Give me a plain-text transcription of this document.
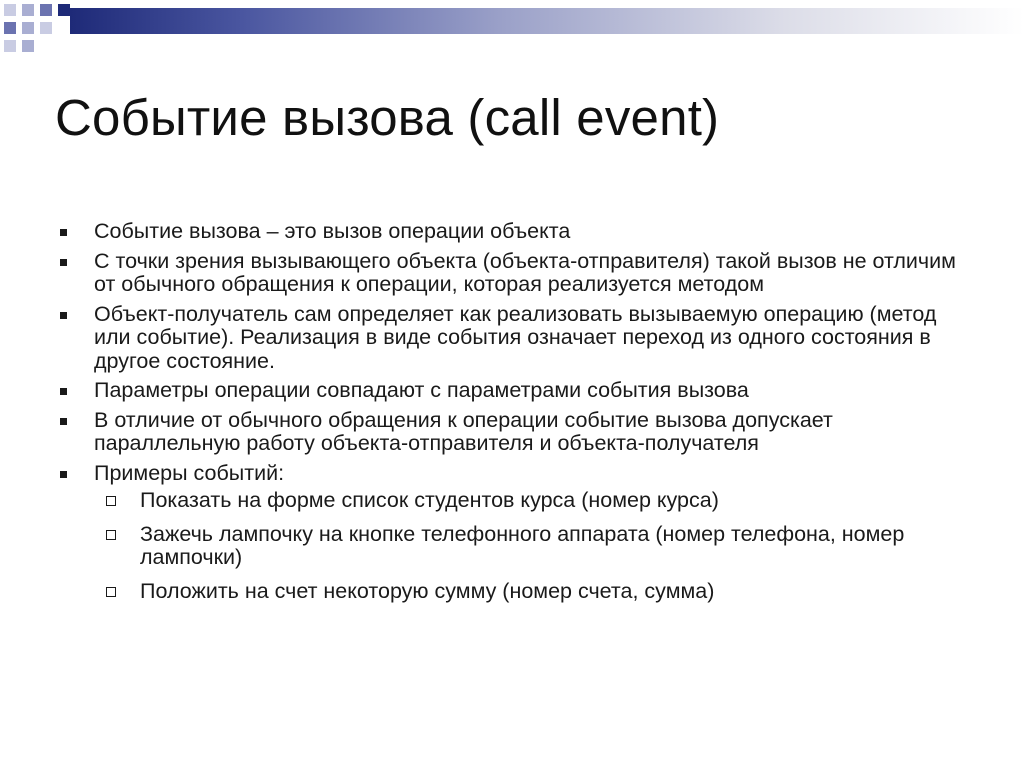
Событие вызова (call event)
Событие вызова – это вызов операции объекта
С точки зрения вызывающего объекта (объекта-отправителя) такой вызов не отличим от обычного обращения к операции, которая реализуется методом
Объект-получатель сам определяет как реализовать вызываемую операцию (метод или событие). Реализация в виде события означает переход из одного состояния в другое состояние.
Параметры операции совпадают с параметрами события вызова
В отличие от обычного обращения к операции событие вызова допускает параллельную работу объекта-отправителя и объекта-получателя
Примеры событий:
Показать на форме список студентов курса (номер курса)
Зажечь лампочку на кнопке телефонного аппарата (номер телефона, номер лампочки)
Положить на счет некоторую сумму (номер счета, сумма)
